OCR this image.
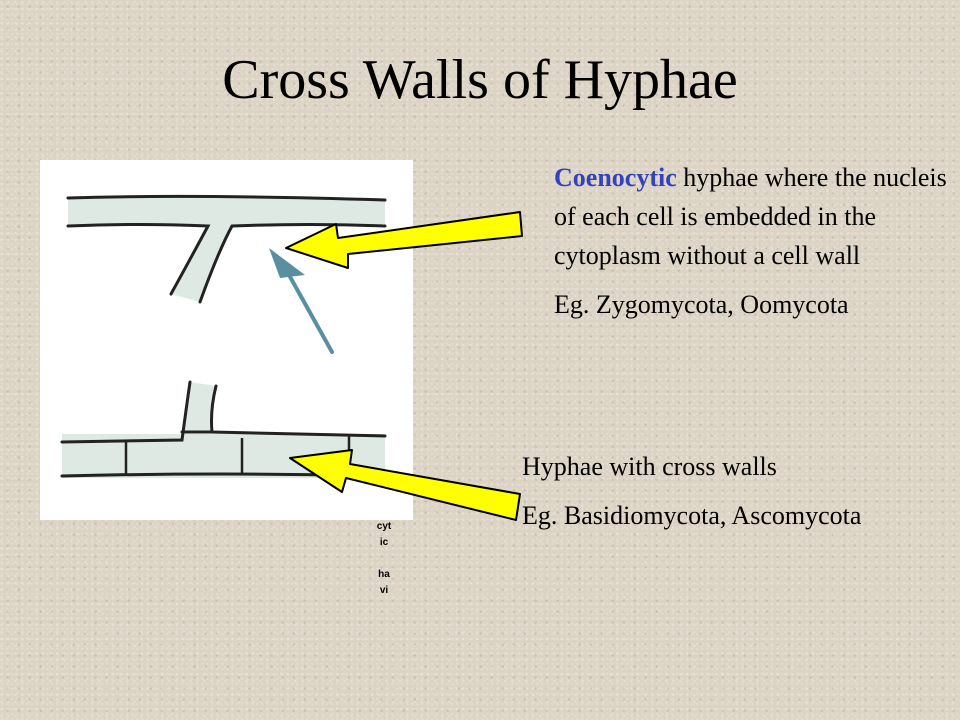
Cross Walls of Hyphae

Coenocytic hyphae where the nucleis of each cell is embedded in the cytoplasm without a cell wall

Eg. Zygomycota, Oomycota

Hyphae with cross walls

Eg. Basidiomycota, Ascomycota

cytic

havi
